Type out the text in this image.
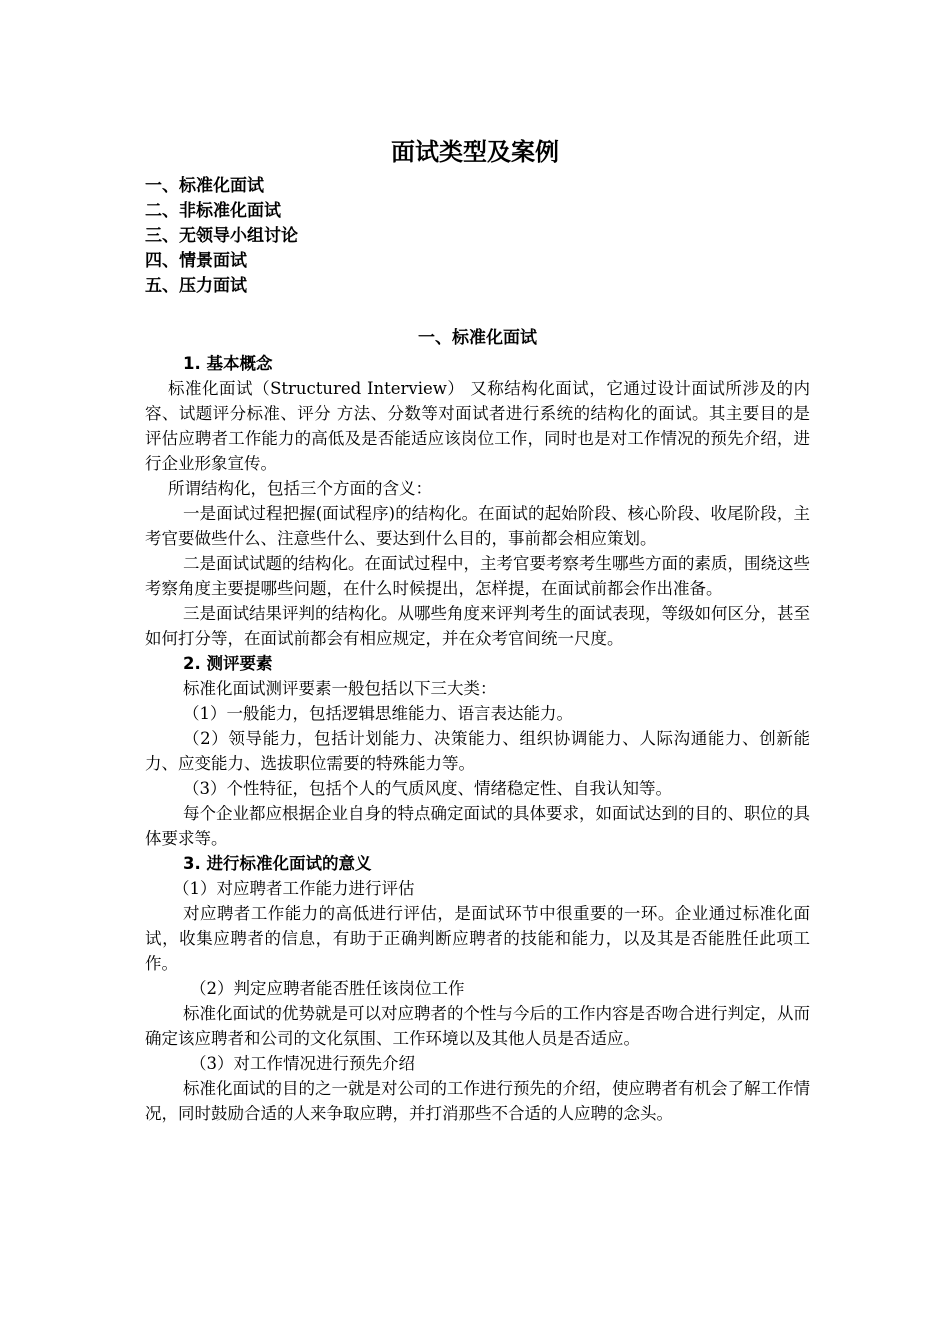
面试类型及案例
一、标准化面试
二、非标准化面试
三、无领导小组讨论
四、情景面试
五、压力面试
一、标准化面试
1. 基本概念

标准化面试（Structured Interview） 又称结构化面试，它通过设计面试所涉及的内容、试题评分标准、评分 方法、分数等对面试者进行系统的结构化的面试。其主要目的是评估应聘者工作能力的高低及是否能适应该岗位工作，同时也是对工作情况的预先介绍，进行企业形象宣传。

所谓结构化，包括三个方面的含义：

一是面试过程把握(面试程序)的结构化。在面试的起始阶段、核心阶段、收尾阶段，主考官要做些什么、注意些什么、要达到什么目的，事前都会相应策划。

二是面试试题的结构化。在面试过程中，主考官要考察考生哪些方面的素质，围绕这些考察角度主要提哪些问题，在什么时候提出，怎样提，在面试前都会作出准备。

三是面试结果评判的结构化。从哪些角度来评判考生的面试表现，等级如何区分，甚至如何打分等，在面试前都会有相应规定，并在众考官间统一尺度。

2. 测评要素

标准化面试测评要素一般包括以下三大类：

（1）一般能力，包括逻辑思维能力、语言表达能力。

（2）领导能力，包括计划能力、决策能力、组织协调能力、人际沟通能力、创新能力、应变能力、选拔职位需要的特殊能力等。

（3）个性特征，包括个人的气质风度、情绪稳定性、自我认知等。

每个企业都应根据企业自身的特点确定面试的具体要求，如面试达到的目的、职位的具体要求等。

3. 进行标准化面试的意义

（1）对应聘者工作能力进行评估

对应聘者工作能力的高低进行评估，是面试环节中很重要的一环。企业通过标准化面试，收集应聘者的信息，有助于正确判断应聘者的技能和能力，以及其是否能胜任此项工作。

（2）判定应聘者能否胜任该岗位工作

标准化面试的优势就是可以对应聘者的个性与今后的工作内容是否吻合进行判定，从而确定该应聘者和公司的文化氛围、工作环境以及其他人员是否适应。

（3）对工作情况进行预先介绍

标准化面试的目的之一就是对公司的工作进行预先的介绍，使应聘者有机会了解工作情况，同时鼓励合适的人来争取应聘，并打消那些不合适的人应聘的念头。
